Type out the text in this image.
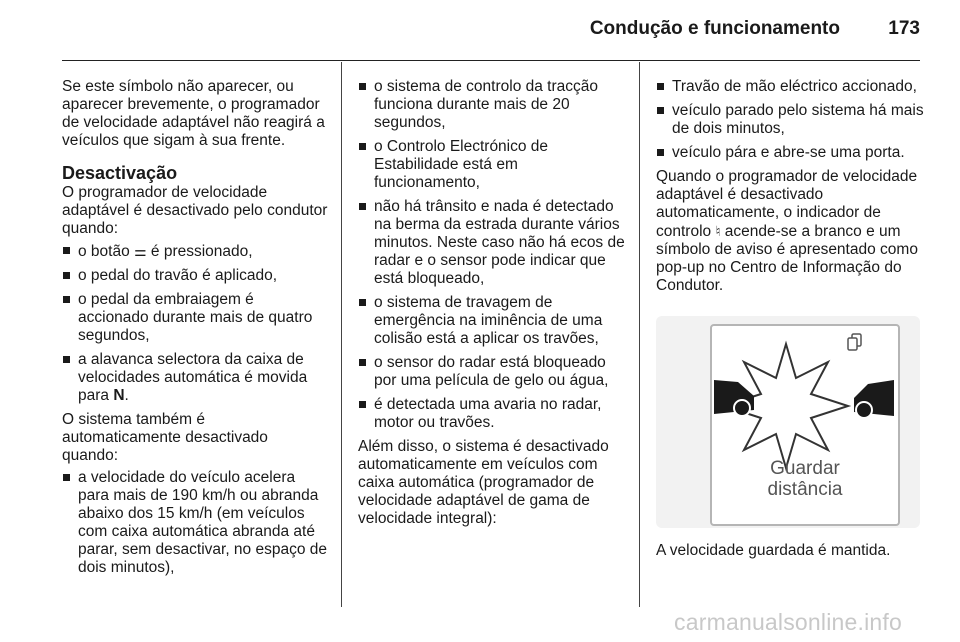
Condução e funcionamento	173

Se este símbolo não aparecer, ou aparecer brevemente, o programador de velocidade adaptável não reagirá a veículos que sigam à sua frente.

Desactivação

O programador de velocidade adaptável é desactivado pelo condutor quando:

o botão ⚌ é pressionado,
o pedal do travão é aplicado,
o pedal da embraiagem é accionado durante mais de quatro segundos,
a alavanca selectora da caixa de velocidades automática é movida para N.

O sistema também é automaticamente desactivado quando:

a velocidade do veículo acelera para mais de 190 km/h ou abranda abaixo dos 15 km/h (em veículos com caixa automática abranda até parar, sem desactivar, no espaço de dois minutos),
o sistema de controlo da tracção funciona durante mais de 20 segundos,
o Controlo Electrónico de Estabilidade está em funcionamento,
não há trânsito e nada é detectado na berma da estrada durante vários minutos. Neste caso não há ecos de radar e o sensor pode indicar que está bloqueado,
o sistema de travagem de emergência na iminência de uma colisão está a aplicar os travões,
o sensor do radar está bloqueado por uma película de gelo ou água,
é detectada uma avaria no radar, motor ou travões.

Além disso, o sistema é desactivado automaticamente em veículos com caixa automática (programador de velocidade adaptável de gama de velocidade integral):

Travão de mão eléctrico accionado,
veículo parado pelo sistema há mais de dois minutos,
veículo pára e abre-se uma porta.

Quando o programador de velocidade adaptável é desactivado automaticamente, o indicador de controlo ♮ acende-se a branco e um símbolo de aviso é apresentado como pop-up no Centro de Informação do Condutor.

Guardar
distância

A velocidade guardada é mantida.

carmanualsonline.info
